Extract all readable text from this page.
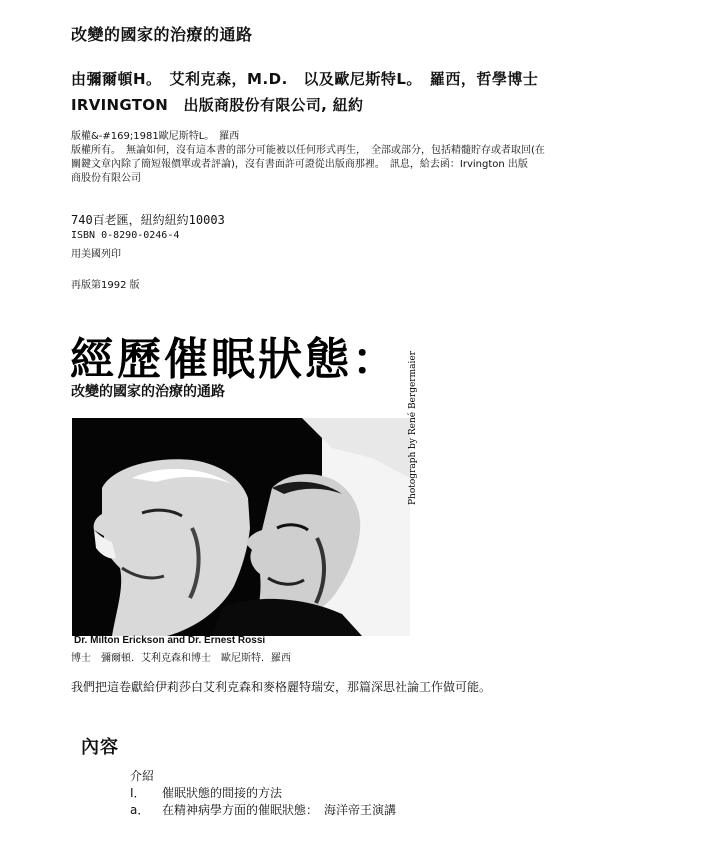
改變的國家的治療的通路
由彌爾頓H。　艾利克森，M.D.　以及歐尼斯特L。　羅西，哲學博士
IRVINGTON　出版商股份有限公司, 紐約
版權&-#169;1981歐尼斯特L。　羅西
版權所有。　無論如何，沒有這本書的部分可能被以任何形式再生，　全部或部分，包括精髓貯存或者取回(在
關鍵文章內除了簡短報價單或者評論)，沒有書面許可證從出版商那裡。　訊息，給去函：Irvington 出版
商股份有限公司
740百老匯，紐約紐約10003
ISBN 0-8290-0246-4
用美國列印
再版第1992 版
經歷催眠狀態：
改變的國家的治療的通路	Photograph by René Bergermaier
Dr. Milton Erickson and Dr. Ernest Rossi
博士　彌爾頓．艾利克森和博士　歐尼斯特．羅西
我們把這卷獻給伊莉莎白艾利克森和麥格麗特瑞安，那篇深思社論工作做可能。
內容
介紹
I． 催眠狀態的間接的方法
a． 在精神病學方面的催眠狀態：　海洋帝王演講
